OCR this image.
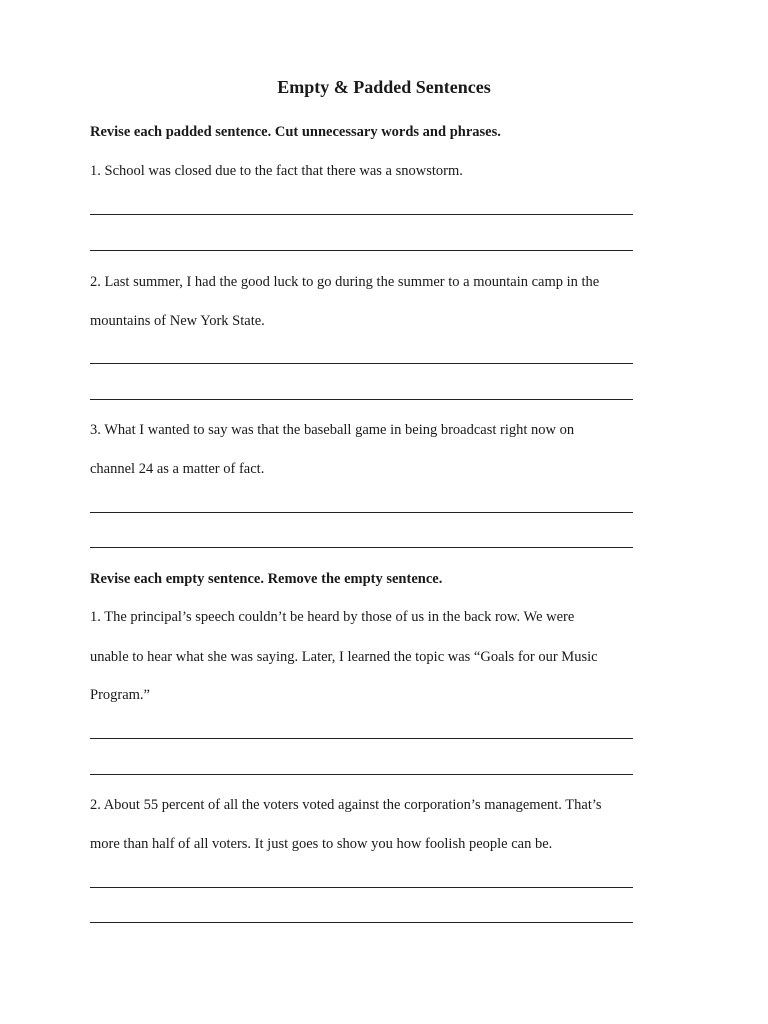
Empty & Padded Sentences
Revise each padded sentence. Cut unnecessary words and phrases.
1. School was closed due to the fact that there was a snowstorm.
2. Last summer, I had the good luck to go during the summer to a mountain camp in the
mountains of New York State.
3. What I wanted to say was that the baseball game in being broadcast right now on
channel 24 as a matter of fact.
Revise each empty sentence. Remove the empty sentence.
1. The principal’s speech couldn’t be heard by those of us in the back row. We were
unable to hear what she was saying. Later, I learned the topic was “Goals for our Music
Program.”
2. About 55 percent of all the voters voted against the corporation’s management. That’s
more than half of all voters. It just goes to show you how foolish people can be.
